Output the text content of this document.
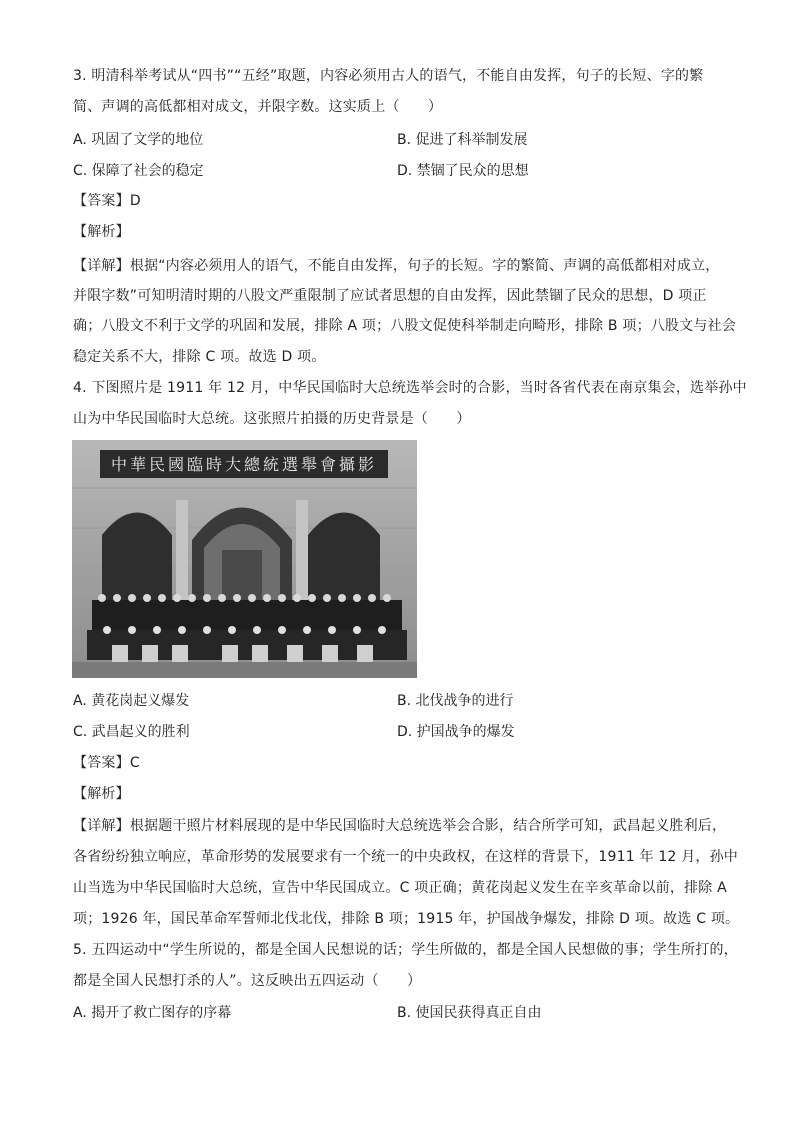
3. 明清科举考试从“四书”“五经”取题，内容必须用古人的语气，不能自由发挥，句子的长短、字的繁
简、声调的高低都相对成文，并限字数。这实质上（　　）
A. 巩固了文学的地位	B. 促进了科举制发展
C. 保障了社会的稳定	D. 禁锢了民众的思想
【答案】D
【解析】
【详解】根据“内容必须用人的语气，不能自由发挥，句子的长短。字的繁简、声调的高低都相对成立，
并限字数”可知明清时期的八股文严重限制了应试者思想的自由发挥，因此禁锢了民众的思想，D 项正
确；八股文不利于文学的巩固和发展，排除 A 项；八股文促使科举制走向畸形，排除 B 项；八股文与社会
稳定关系不大，排除 C 项。故选 D 项。
4. 下图照片是 1911 年 12 月，中华民国临时大总统选举会时的合影，当时各省代表在南京集会，选举孙中
山为中华民国临时大总统。这张照片拍摄的历史背景是（　　）
中華民國臨時大總統選舉會攝影
A. 黄花岗起义爆发	B. 北伐战争的进行
C. 武昌起义的胜利	D. 护国战争的爆发
【答案】C
【解析】
【详解】根据题干照片材料展现的是中华民国临时大总统选举会合影，结合所学可知，武昌起义胜利后，
各省纷纷独立响应，革命形势的发展要求有一个统一的中央政权，在这样的背景下，1911 年 12 月，孙中
山当选为中华民国临时大总统，宣告中华民国成立。C 项正确；黄花岗起义发生在辛亥革命以前，排除 A
项；1926 年，国民革命军誓师北伐北伐，排除 B 项；1915 年，护国战争爆发，排除 D 项。故选 C 项。
5. 五四运动中“学生所说的，都是全国人民想说的话；学生所做的，都是全国人民想做的事；学生所打的，
都是全国人民想打杀的人”。这反映出五四运动（　　）
A. 揭开了救亡图存的序幕	B. 使国民获得真正自由
